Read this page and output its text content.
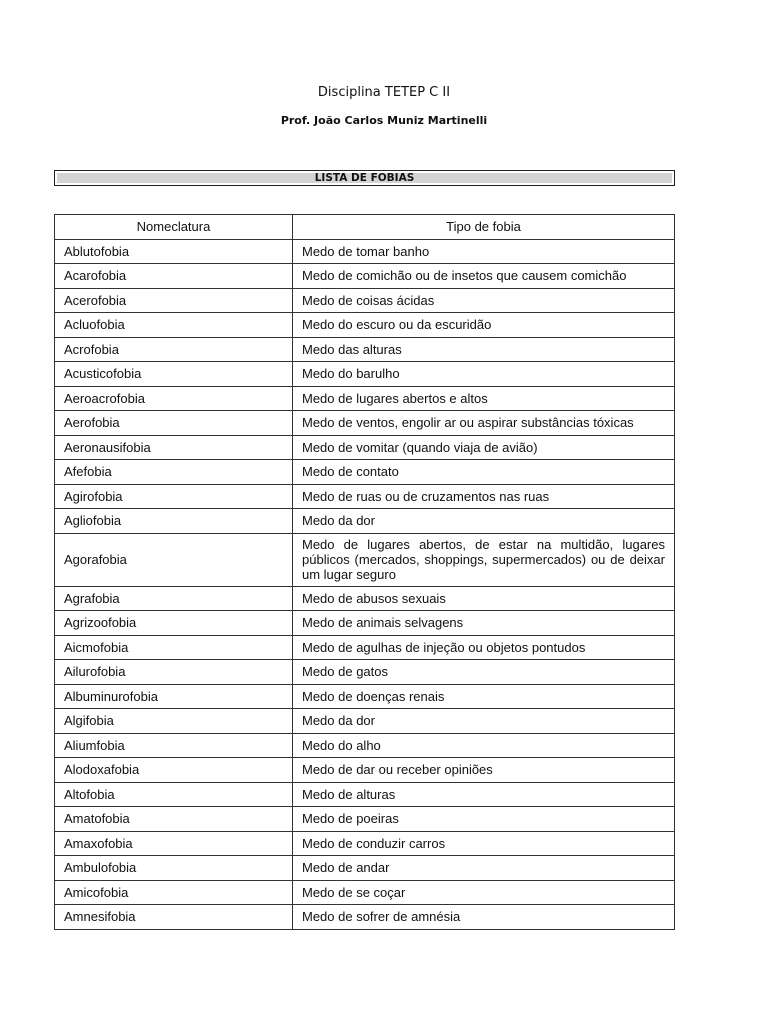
Disciplina TETEP C II
Prof. João Carlos Muniz Martinelli
LISTA DE FOBIAS
Nomeclatura	Tipo de fobia
Ablutofobia	Medo de tomar banho
Acarofobia	Medo de comichão ou de insetos que causem comichão
Acerofobia	Medo de coisas ácidas
Acluofobia	Medo do escuro ou da escuridão
Acrofobia	Medo das alturas
Acusticofobia	Medo do barulho
Aeroacrofobia	Medo de lugares abertos e altos
Aerofobia	Medo de ventos, engolir ar ou aspirar substâncias tóxicas
Aeronausifobia	Medo de vomitar (quando viaja de avião)
Afefobia	Medo de contato
Agirofobia	Medo de ruas ou de cruzamentos nas ruas
Agliofobia	Medo da dor
Agorafobia	Medo de lugares abertos, de estar na multidão, lugares públicos (mercados, shoppings, supermercados) ou de deixar um lugar seguro
Agrafobia	Medo de abusos sexuais
Agrizoofobia	Medo de animais selvagens
Aicmofobia	Medo de agulhas de injeção ou objetos pontudos
Ailurofobia	Medo de gatos
Albuminurofobia	Medo de doenças renais
Algifobia	Medo da dor
Aliumfobia	Medo do alho
Alodoxafobia	Medo de dar ou receber opiniões
Altofobia	Medo de alturas
Amatofobia	Medo de poeiras
Amaxofobia	Medo de conduzir carros
Ambulofobia	Medo de andar
Amicofobia	Medo de se coçar
Amnesifobia	Medo de sofrer de amnésia
